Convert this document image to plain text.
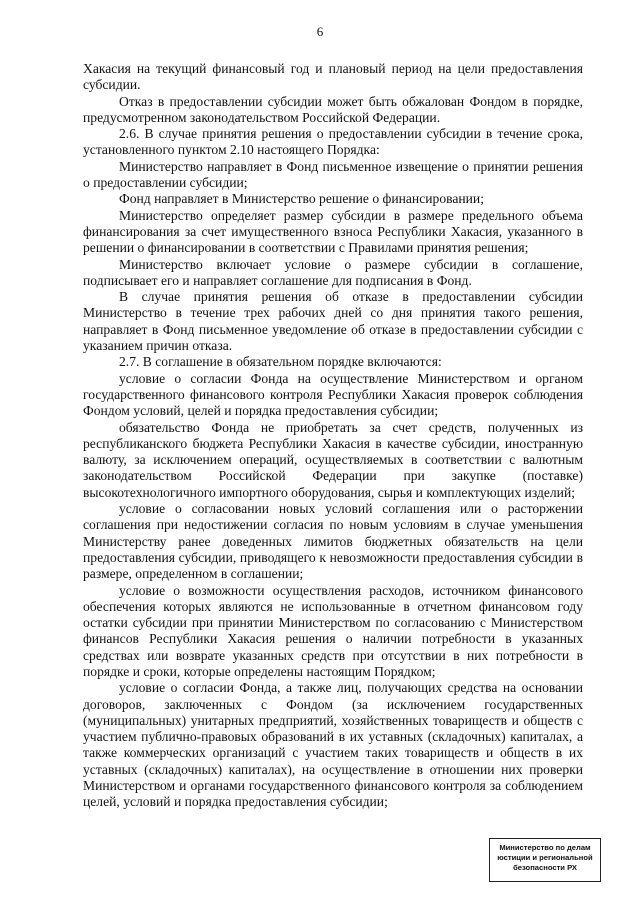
6

Хакасия на текущий финансовый год и плановый период на цели предоставления субсидии.

Отказ в предоставлении субсидии может быть обжалован Фондом в порядке, предусмотренном законодательством Российской Федерации.

2.6. В случае принятия решения о предоставлении субсидии в течение срока, установленного пунктом 2.10 настоящего Порядка:

Министерство направляет в Фонд письменное извещение о принятии решения о предоставлении субсидии;

Фонд направляет в Министерство решение о финансировании;

Министерство определяет размер субсидии в размере предельного объема финансирования за счет имущественного взноса Республики Хакасия, указанного в решении о финансировании в соответствии с Правилами принятия решения;

Министерство включает условие о размере субсидии в соглашение, подписывает его и направляет соглашение для подписания в Фонд.

В случае принятия решения об отказе в предоставлении субсидии Министерство в течение трех рабочих дней со дня принятия такого решения, направляет в Фонд письменное уведомление об отказе в предоставлении субсидии с указанием причин отказа.

2.7. В соглашение в обязательном порядке включаются:

условие о согласии Фонда на осуществление Министерством и органом государственного финансового контроля Республики Хакасия проверок соблюдения Фондом условий, целей и порядка предоставления субсидии;

обязательство Фонда не приобретать за счет средств, полученных из республиканского бюджета Республики Хакасия в качестве субсидии, иностранную валюту, за исключением операций, осуществляемых в соответствии с валютным законодательством Российской Федерации при закупке (поставке) высокотехнологичного импортного оборудования, сырья и комплектующих изделий;

условие о согласовании новых условий соглашения или о расторжении соглашения при недостижении согласия по новым условиям в случае уменьшения Министерству ранее доведенных лимитов бюджетных обязательств на цели предоставления субсидии, приводящего к невозможности предоставления субсидии в размере, определенном в соглашении;

условие о возможности осуществления расходов, источником финансового обеспечения которых являются не использованные в отчетном финансовом году остатки субсидии при принятии Министерством по согласованию с Министерством финансов Республики Хакасия решения о наличии потребности в указанных средствах или возврате указанных средств при отсутствии в них потребности в порядке и сроки, которые определены настоящим Порядком;

условие о согласии Фонда, а также лиц, получающих средства на основании договоров, заключенных с Фондом (за исключением государственных (муниципальных) унитарных предприятий, хозяйственных товариществ и обществ с участием публично-правовых образований в их уставных (складочных) капиталах, а также коммерческих организаций с участием таких товариществ и обществ в их уставных (складочных) капиталах), на осуществление в отношении них проверки Министерством и органами государственного финансового контроля за соблюдением целей, условий и порядка предоставления субсидии;

Министерство по делам
юстиции и региональной
безопасности РХ
